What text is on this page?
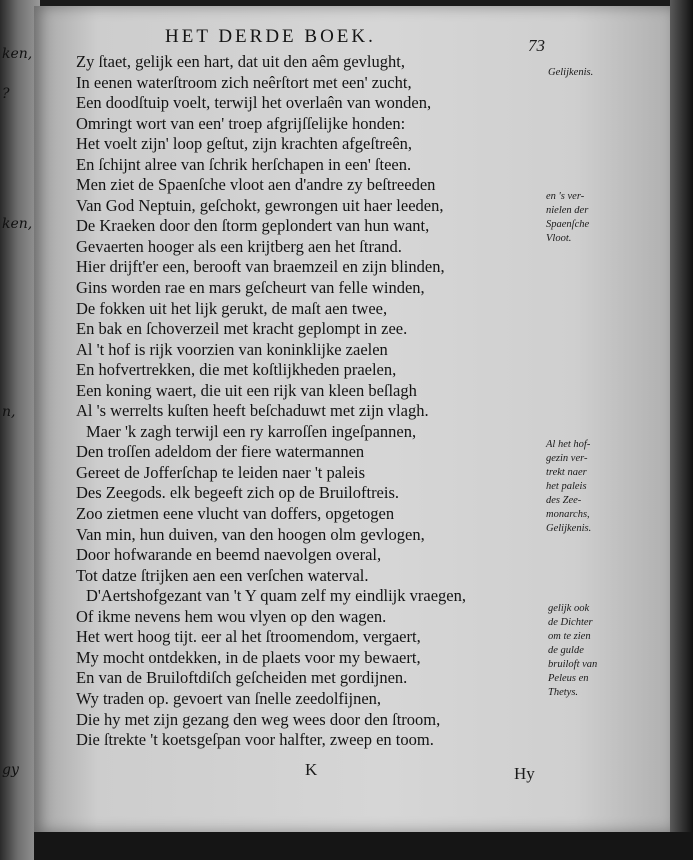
ken,
?
ken,
n,
gy
HET DERDE BOEK.	73
Zy ſtaet, gelijk een hart, dat uit den aêm gevlught,
In eenen waterſtroom zich neêrſtort met een' zucht,
Een doodſtuip voelt, terwijl het overlaên van wonden,
Omringt wort van een' troep afgrijſſelijke honden:
Het voelt zijn' loop geſtut, zijn krachten afgeſtreên,
En ſchijnt alree van ſchrik herſchapen in een' ſteen.
Men ziet de Spaenſche vloot aen d'andre zy beſtreeden
Van God Neptuin, geſchokt, gewrongen uit haer leeden,
De Kraeken door den ſtorm geplondert van hun want,
Gevaerten hooger als een krijtberg aen het ſtrand.
Hier drijft'er een, berooft van braemzeil en zijn blinden,
Gins worden rae en mars geſcheurt van felle winden,
De fokken uit het lijk gerukt, de maſt aen twee,
En bak en ſchoverzeil met kracht geplompt in zee.
Al 't hof is rijk voorzien van koninklijke zaelen
En hofvertrekken, die met koſtlijkheden praelen,
Een koning waert, die uit een rijk van kleen beſlagh
Al 's werrelts kuſten heeft beſchaduwt met zijn vlagh.
Maer 'k zagh terwijl een ry karroſſen ingeſpannen,
Den troſſen adeldom der fiere watermannen
Gereet de Jofferſchap te leiden naer 't paleis
Des Zeegods. elk begeeft zich op de Bruiloftreis.
Zoo zietmen eene vlucht van doffers, opgetogen
Van min, hun duiven, van den hoogen olm gevlogen,
Door hofwarande en beemd naevolgen overal,
Tot datze ſtrijken aen een verſchen waterval.
D'Aertshofgezant van 't Y quam zelf my eindlijk vraegen,
Of ikme nevens hem wou vlyen op den wagen.
Het wert hoog tijt. eer al het ſtroomendom, vergaert,
My mocht ontdekken, in de plaets voor my bewaert,
En van de Bruiloftdiſch geſcheiden met gordijnen.
Wy traden op. gevoert van ſnelle zeedolfijnen,
Die hy met zijn gezang den weg wees door den ſtroom,
Die ſtrekte 't koetsgeſpan voor halfter, zweep en toom.
Gelijkenis.
en 's ver-
nielen der
Spaenſche
Vloot.
Al het hof-
gezin ver-
trekt naer
het paleis
des Zee-
monarchs,
Gelijkenis.
gelijk ook
de Dichter
om te zien
de gulde
bruiloft van
Peleus en
Thetys.
K	Hy
